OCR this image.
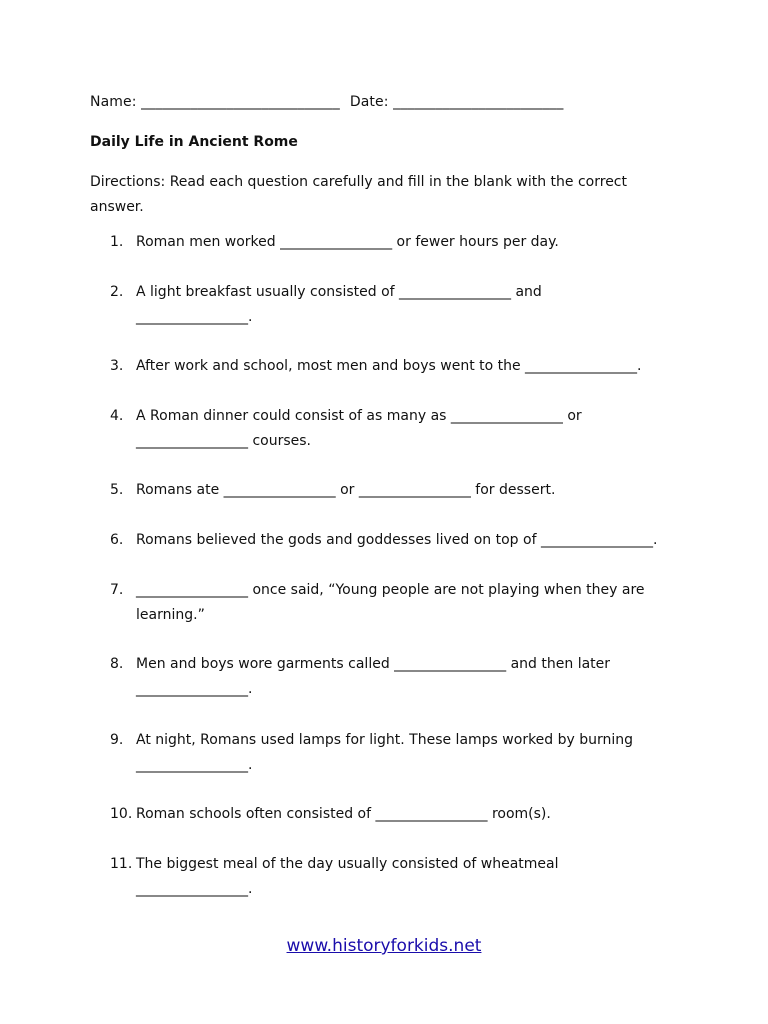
Name: ____________________________ Date: ________________________
Daily Life in Ancient Rome
Directions: Read each question carefully and fill in the blank with the correct answer.
1. Roman men worked ________________ or fewer hours per day.
2. A light breakfast usually consisted of ________________ and
________________.
3. After work and school, most men and boys went to the ________________.
4. A Roman dinner could consist of as many as ________________ or
________________ courses.
5. Romans ate ________________ or ________________ for dessert.
6. Romans believed the gods and goddesses lived on top of ________________.
7. ________________ once said, “Young people are not playing when they are
learning.”
8. Men and boys wore garments called ________________ and then later
________________.
9. At night, Romans used lamps for light. These lamps worked by burning
________________.
10. Roman schools often consisted of ________________ room(s).
11. The biggest meal of the day usually consisted of wheatmeal
________________.
www.historyforkids.net
